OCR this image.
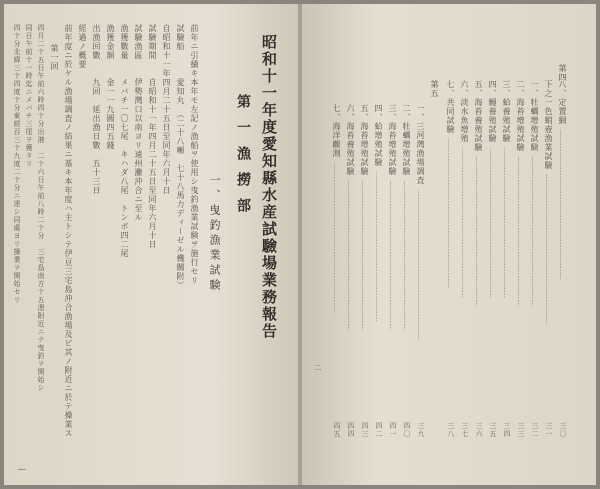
昭和十一年度愛知縣水産試驗場業務報告
第一漁撈部
一、曳釣漁業試験
前年ニ引續キ本年モ左記ノ漁船ヲ使用シ曳釣漁業試験ヲ施行セリ
試驗船　　　愛知丸　（二十八噸　七十八馬力ディーゼル機關附）
自昭和十一年四月二十五日至同年六月十日
試驗期間　　自昭和十一年四月二十五日至同年六月十日
試驗漁區　　伊勢灣口以南ヨリ遠州灘沖合ニ至ル
漁獲數量　　メバチ一〇七尾　キハダ八尾　トンボ四二尾
漁獲金額　　金一一九圓四五錢
出漁回數　　九回　延出漁日數　五十三日
經過ノ概要
前年度ニ於ケル漁場調査ノ結果ニ基キ本年度ハ主トシテ伊豆三宅島沖合漁場及ビ其ノ附近ニ於テ操業ス
第一回
四月二十五日午前六時四十分出港　二十六日午前八時二十分　三宅島南方十五浬附近ニテ曳釣ヲ開始シ
同日午前十一時迄ニメバチ三尾ヲ獲タリ
四十分北緯三十四度十分東經百三十九度二十分ニ達シ同處ヨリ操業ヲ開始セリ
二
第四
第五	八、定置網
…………………………………………………………………
三〇
下之一色蛸壺漁業試驗
…………………………………………………………………
三一
一、牡蠣增殖試験
…………………………………………………………………
三二
二、海苔增殖試驗
…………………………………………………………………
三三
三、蛤養殖試驗
…………………………………………………………………
三四
四、鰻養殖試驗
…………………………………………………………………
三五
五、海苔養殖試驗
…………………………………………………………………
三六
六、淡水魚增殖
…………………………………………………………………
三七
七、共同試驗
…………………………………………………………………
三八
一、三河灣漁場調査
…………………………………………………………………
三九
二、牡蠣增殖試驗
…………………………………………………………………
四〇
三、海苔增殖試驗
…………………………………………………………………
四一
四、蛤增殖試驗
…………………………………………………………………
四二
五、海苔增殖試驗
…………………………………………………………………
四三
六、海苔養殖試驗
…………………………………………………………………
四四
七、海洋觀測
…………………………………………………………………
四五
